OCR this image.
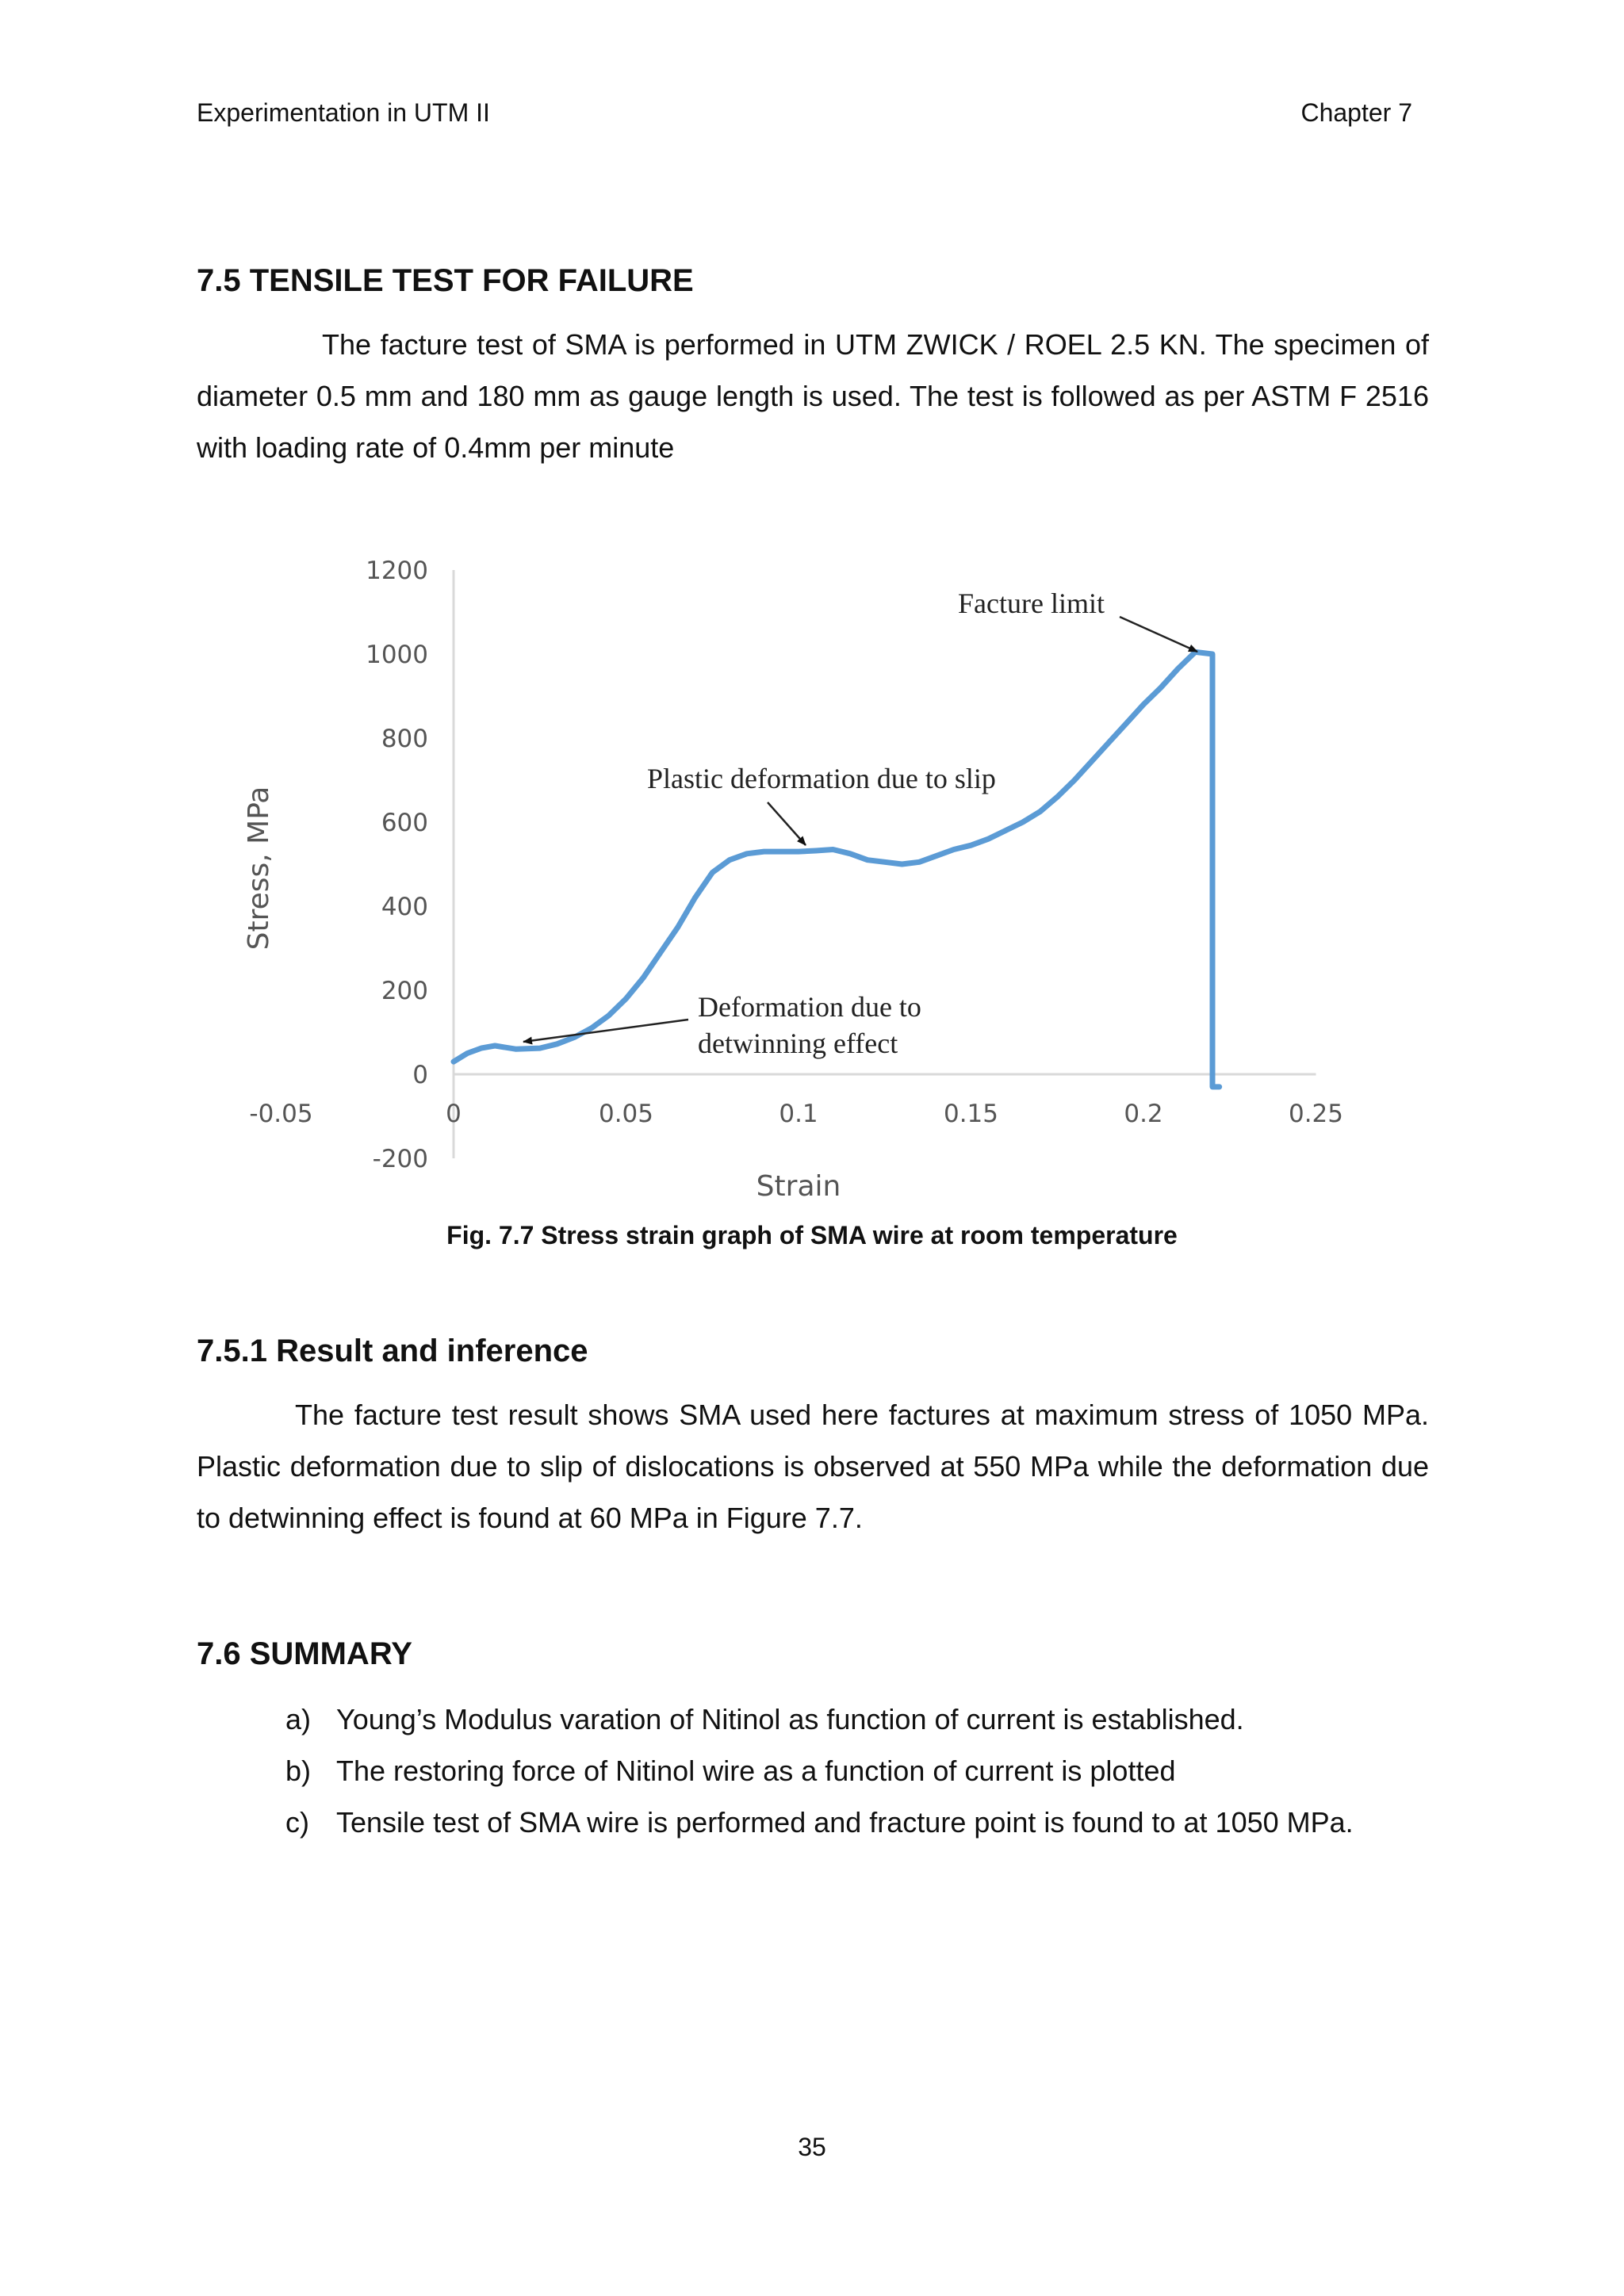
Experimentation in UTM II	Chapter 7
7.5 TENSILE TEST FOR FAILURE
The facture test of SMA is performed in UTM ZWICK / ROEL 2.5 KN. The specimen of diameter 0.5 mm and 180 mm as gauge length is used. The test is followed as per ASTM F 2516 with loading rate of 0.4mm per minute
-0.05	0	0.05	0.1	0.15	0.2	0.25
1200
1000
800
600
400
200
0
-200
Strain
Stress, MPa
Facture limit
Plastic deformation due to slip
Deformation due to
detwinning effect
Fig. 7.7 Stress strain graph of SMA wire at room temperature
7.5.1 Result and inference
The facture test result shows SMA used here factures at maximum stress of 1050 MPa. Plastic deformation due to slip of dislocations is observed at 550 MPa while the deformation due to detwinning effect is found at 60 MPa in Figure 7.7.
7.6 SUMMARY
a) Young’s Modulus varation of Nitinol as function of current is established.
b) The restoring force of Nitinol wire as a function of current is plotted
c) Tensile test of SMA wire is performed and fracture point is found to at 1050 MPa.
35
